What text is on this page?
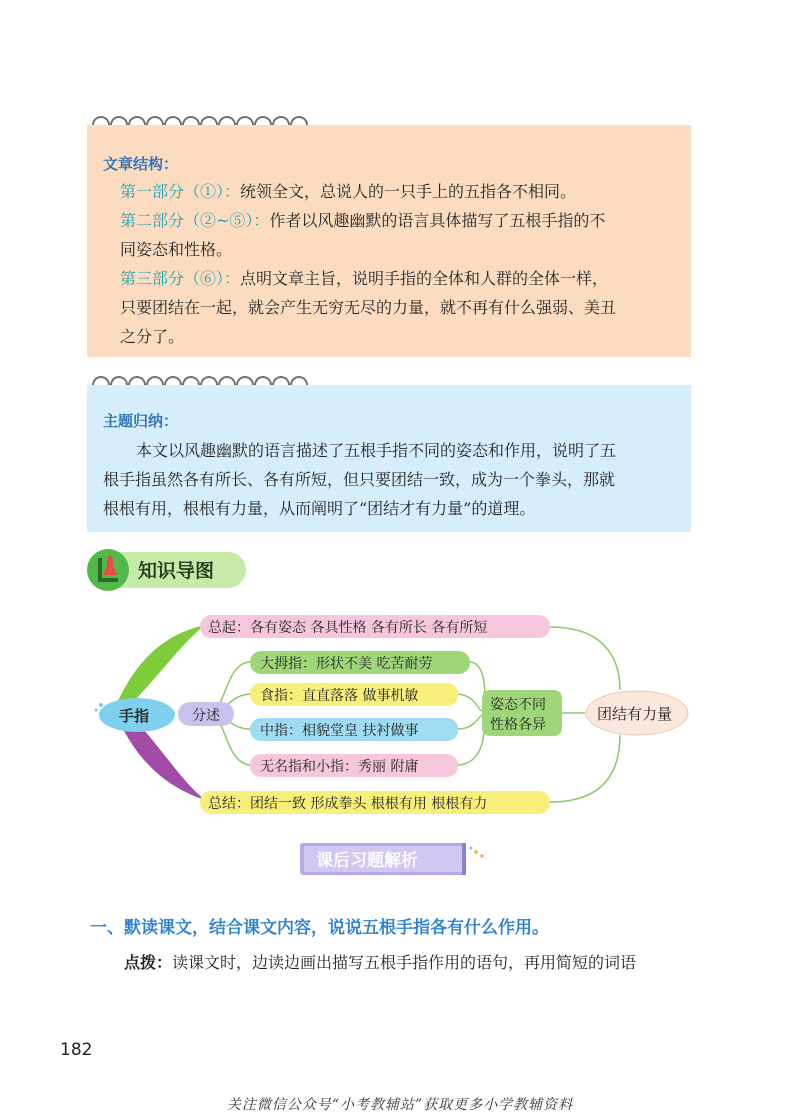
文章结构：
第一部分（①）：统领全文，总说人的一只手上的五指各不相同。
第二部分（②~⑤）：作者以风趣幽默的语言具体描写了五根手指的不
同姿态和性格。
第三部分（⑥）：点明文章主旨，说明手指的全体和人群的全体一样，
只要团结在一起，就会产生无穷无尽的力量，就不再有什么强弱、美丑
之分了。
主题归纳：
本文以风趣幽默的语言描述了五根手指不同的姿态和作用，说明了五
根手指虽然各有所长、各有所短，但只要团结一致，成为一个拳头，那就
根根有用，根根有力量，从而阐明了“团结才有力量”的道理。
知识导图
手指	分述
总起：各有姿态 各具性格 各有所长 各有所短
大拇指：形状不美 吃苦耐劳
食指：直直落落 做事机敏
中指：相貌堂皇 扶衬做事
无名指和小指：秀丽 附庸
姿态不同
性格各异
团结有力量
总结：团结一致 形成拳头 根根有用 根根有力
课后习题解析
一、默读课文，结合课文内容，说说五根手指各有什么作用。
点拨：读课文时，边读边画出描写五根手指作用的语句，再用简短的词语
182
关注微信公众号“小考教辅站”获取更多小学教辅资料
